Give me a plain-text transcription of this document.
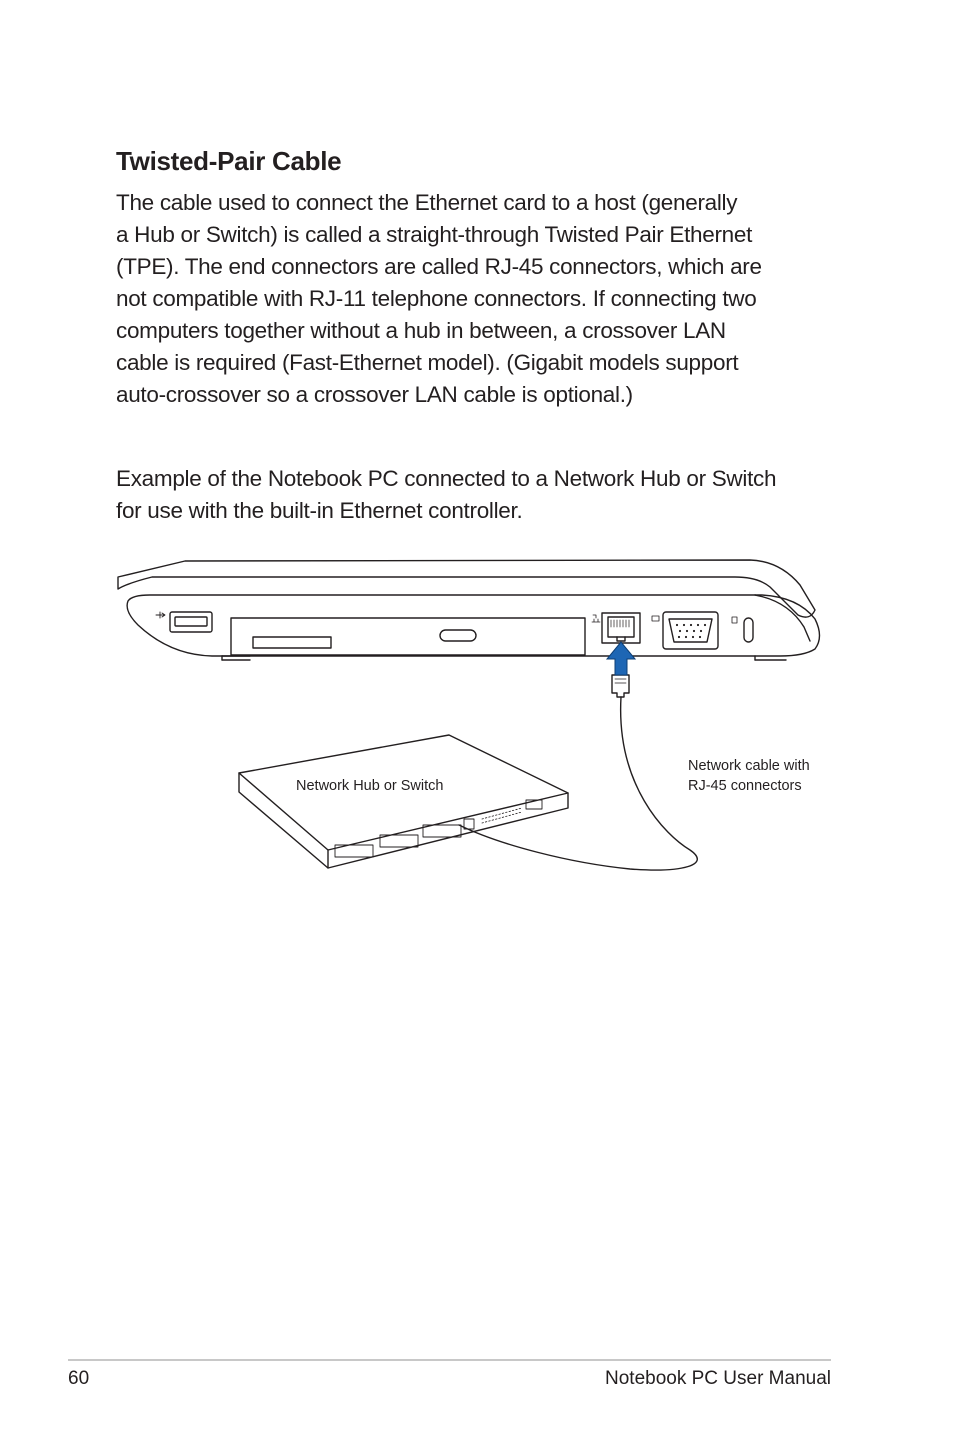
Twisted-Pair Cable

The cable used to connect the Ethernet card to a host (generally
a Hub or Switch) is called a straight-through Twisted Pair Ethernet
(TPE). The end connectors are called RJ-45 connectors, which are
not compatible with RJ-11 telephone connectors. If connecting two
computers together without a hub in between, a crossover LAN
cable is required (Fast-Ethernet model). (Gigabit models support
auto-crossover so a crossover LAN cable is optional.)

Example of the Notebook PC connected to a Network Hub or Switch
for use with the built-in Ethernet controller.

Network Hub or Switch
Network cable with
RJ-45 connectors
60	Notebook PC User Manual
